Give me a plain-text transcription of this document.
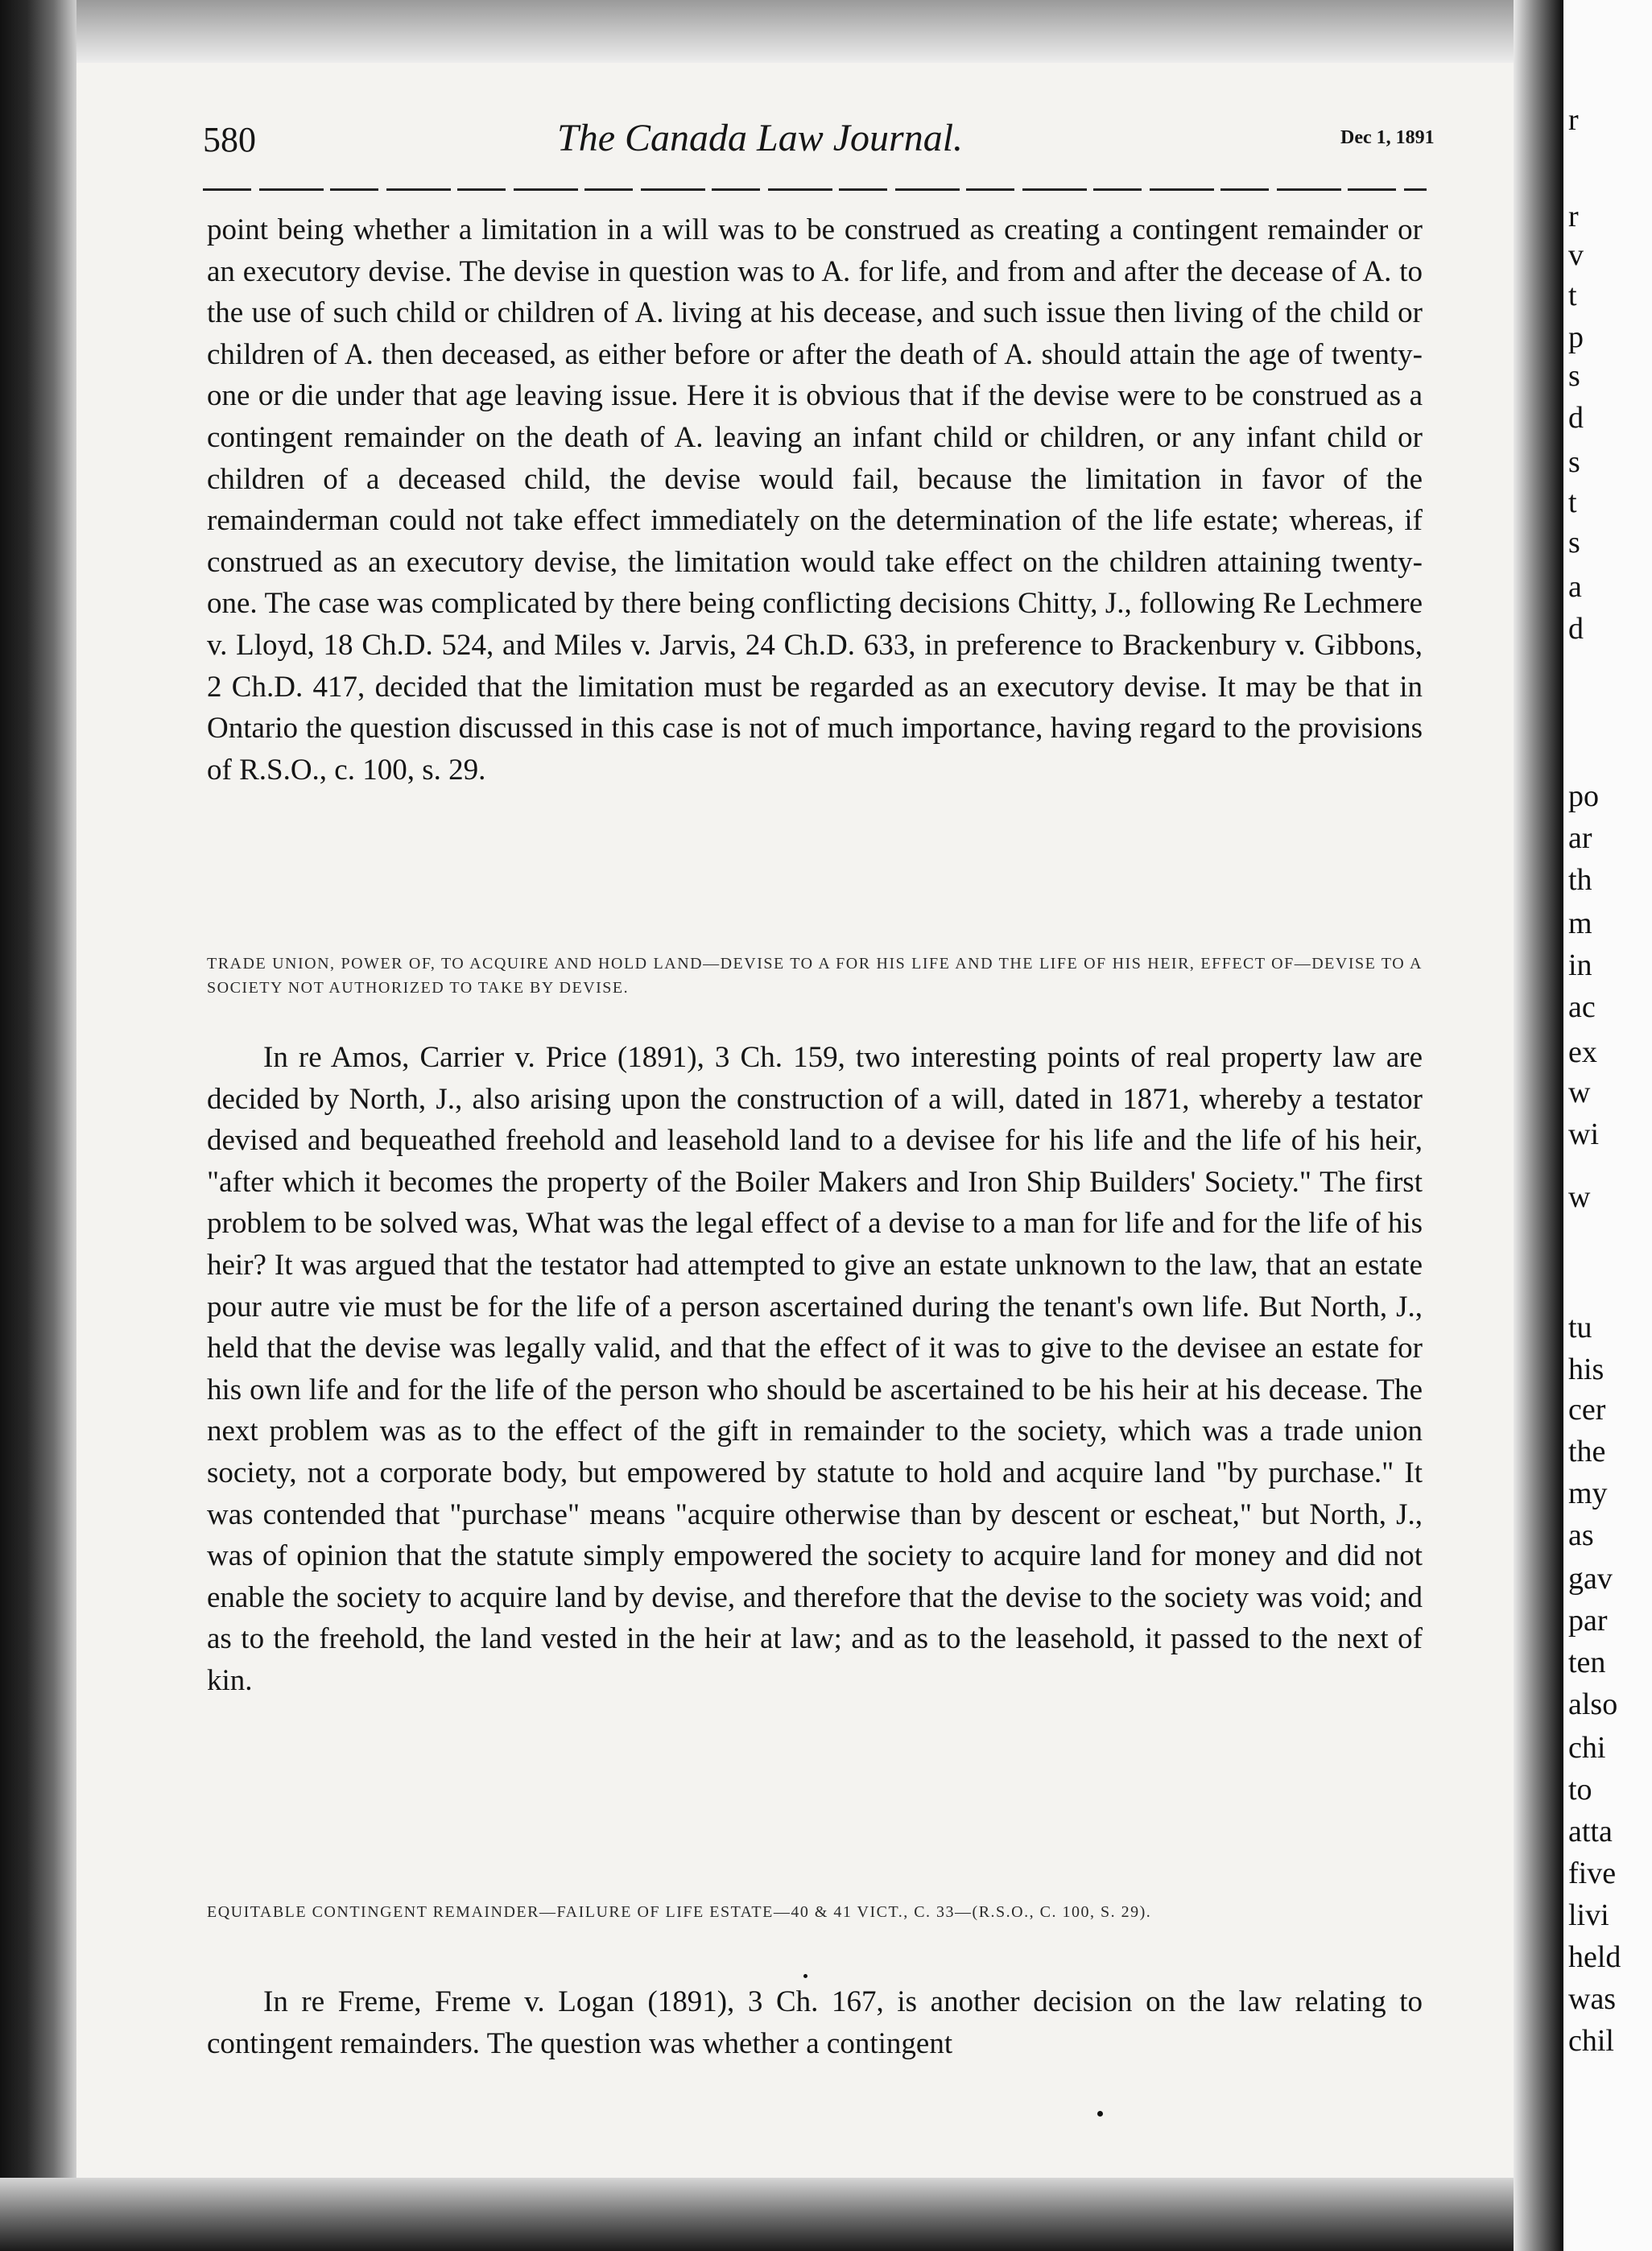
r
r
v
t
p
s
d
s
t
s
a
d
po
ar
th
m
in
ac
ex
w
wi
w
tu
his
cer
the
my
as
gav
par
ten
also
chi
to
atta
five
livi
held
was
chil
580	The Canada Law Journal.	Dec 1, 1891

point being whether a limitation in a will was to be construed as creating a contingent remainder or an executory devise. The devise in question was to A. for life, and from and after the decease of A. to the use of such child or children of A. living at his decease, and such issue then living of the child or children of A. then deceased, as either before or after the death of A. should attain the age of twenty-one or die under that age leaving issue. Here it is obvious that if the devise were to be construed as a contingent remainder on the death of A. leaving an infant child or children, or any infant child or children of a deceased child, the devise would fail, because the limitation in favor of the remainderman could not take effect immediately on the determination of the life estate; whereas, if construed as an executory devise, the limitation would take effect on the children attaining twenty-one. The case was complicated by there being conflicting decisions Chitty, J., following Re Lechmere v. Lloyd, 18 Ch.D. 524, and Miles v. Jarvis, 24 Ch.D. 633, in preference to Brackenbury v. Gibbons, 2 Ch.D. 417, decided that the limitation must be regarded as an executory devise. It may be that in Ontario the question discussed in this case is not of much importance, having regard to the provisions of R.S.O., c. 100, s. 29.

TRADE UNION, POWER OF, TO ACQUIRE AND HOLD LAND—DEVISE TO A FOR HIS LIFE AND THE LIFE OF HIS HEIR, EFFECT OF—DEVISE TO A SOCIETY NOT AUTHORIZED TO TAKE BY DEVISE.

In re Amos, Carrier v. Price (1891), 3 Ch. 159, two interesting points of real property law are decided by North, J., also arising upon the construction of a will, dated in 1871, whereby a testator devised and bequeathed freehold and leasehold land to a devisee for his life and the life of his heir, "after which it becomes the property of the Boiler Makers and Iron Ship Builders' Society." The first problem to be solved was, What was the legal effect of a devise to a man for life and for the life of his heir? It was argued that the testator had attempted to give an estate unknown to the law, that an estate pour autre vie must be for the life of a person ascertained during the tenant's own life. But North, J., held that the devise was legally valid, and that the effect of it was to give to the devisee an estate for his own life and for the life of the person who should be ascertained to be his heir at his decease. The next problem was as to the effect of the gift in remainder to the society, which was a trade union society, not a corporate body, but empowered by statute to hold and acquire land "by purchase." It was contended that "purchase" means "acquire otherwise than by descent or escheat," but North, J., was of opinion that the statute simply empowered the society to acquire land for money and did not enable the society to acquire land by devise, and therefore that the devise to the society was void; and as to the freehold, the land vested in the heir at law; and as to the leasehold, it passed to the next of kin.

EQUITABLE CONTINGENT REMAINDER—FAILURE OF LIFE ESTATE—40 & 41 VICT., C. 33—(R.S.O., C. 100, S. 29).

In re Freme, Freme v. Logan (1891), 3 Ch. 167, is another decision on the law relating to contingent remainders. The question was whether a contingent
